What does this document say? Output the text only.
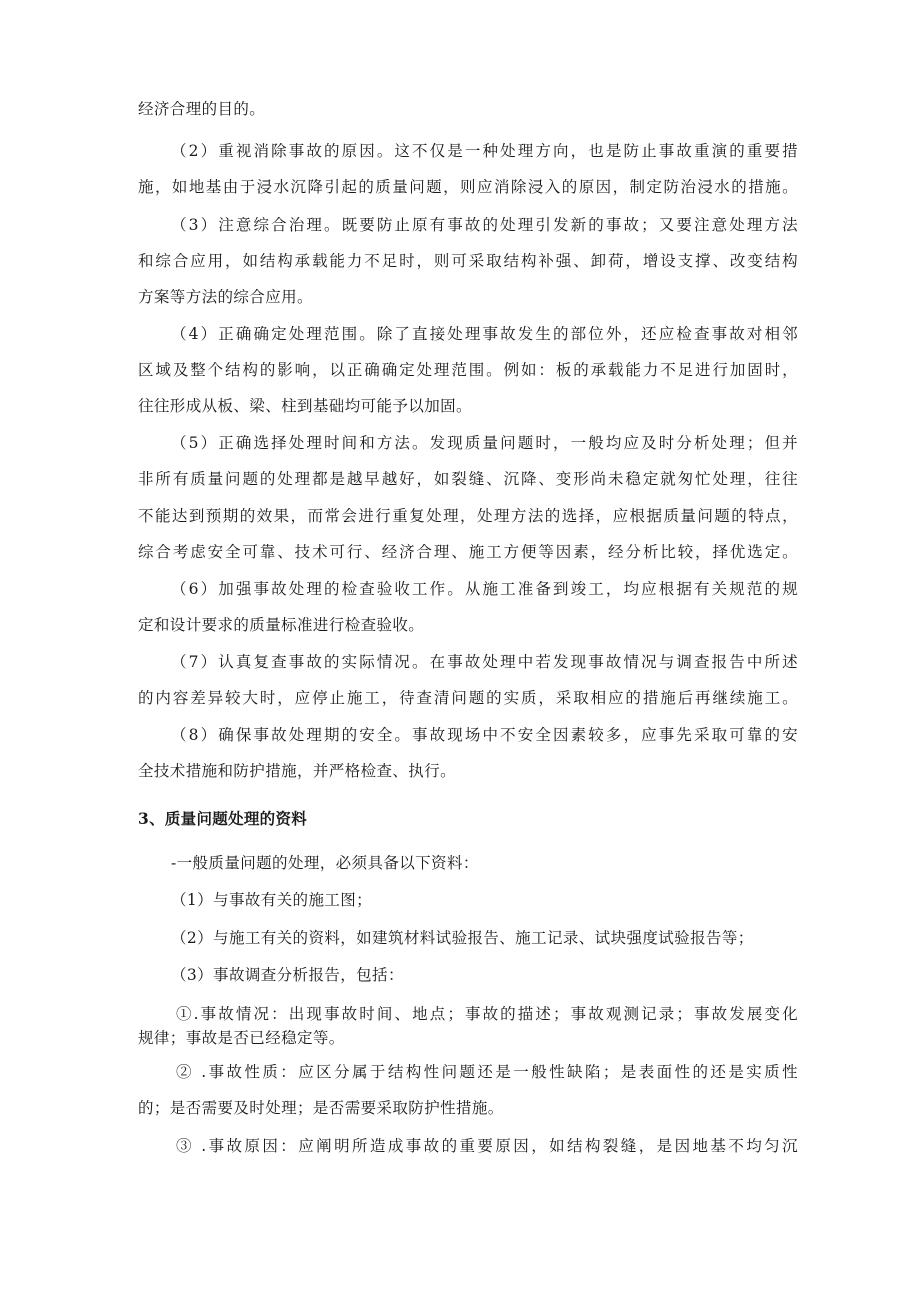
经济合理的目的。
（2）重视消除事故的原因。这不仅是一种处理方向，也是防止事故重演的重要措
施，如地基由于浸水沉降引起的质量问题，则应消除浸入的原因，制定防治浸水的措施。
（3）注意综合治理。既要防止原有事故的处理引发新的事故；又要注意处理方法
和综合应用，如结构承载能力不足时，则可采取结构补强、卸荷，增设支撑、改变结构
方案等方法的综合应用。
（4）正确确定处理范围。除了直接处理事故发生的部位外，还应检查事故对相邻
区域及整个结构的影响，以正确确定处理范围。例如：板的承载能力不足进行加固时，
往往形成从板、梁、柱到基础均可能予以加固。
（5）正确选择处理时间和方法。发现质量问题时，一般均应及时分析处理；但并
非所有质量问题的处理都是越早越好，如裂缝、沉降、变形尚未稳定就匆忙处理，往往
不能达到预期的效果，而常会进行重复处理，处理方法的选择，应根据质量问题的特点，
综合考虑安全可靠、技术可行、经济合理、施工方便等因素，经分析比较，择优选定。
（6）加强事故处理的检查验收工作。从施工准备到竣工，均应根据有关规范的规
定和设计要求的质量标准进行检查验收。
（7）认真复查事故的实际情况。在事故处理中若发现事故情况与调查报告中所述
的内容差异较大时，应停止施工，待查清问题的实质，采取相应的措施后再继续施工。
（8）确保事故处理期的安全。事故现场中不安全因素较多，应事先采取可靠的安
全技术措施和防护措施，并严格检查、执行。
3、质量问题处理的资料
-一般质量问题的处理，必须具备以下资料：
（1）与事故有关的施工图；
（2）与施工有关的资料，如建筑材料试验报告、施工记录、试块强度试验报告等；
（3）事故调查分析报告，包括：
①.事故情况：出现事故时间、地点；事故的描述；事故观测记录；事故发展变化
规律；事故是否已经稳定等。
② .事故性质：应区分属于结构性问题还是一般性缺陷；是表面性的还是实质性
的；是否需要及时处理；是否需要采取防护性措施。
③ .事故原因：应阐明所造成事故的重要原因，如结构裂缝，是因地基不均匀沉
